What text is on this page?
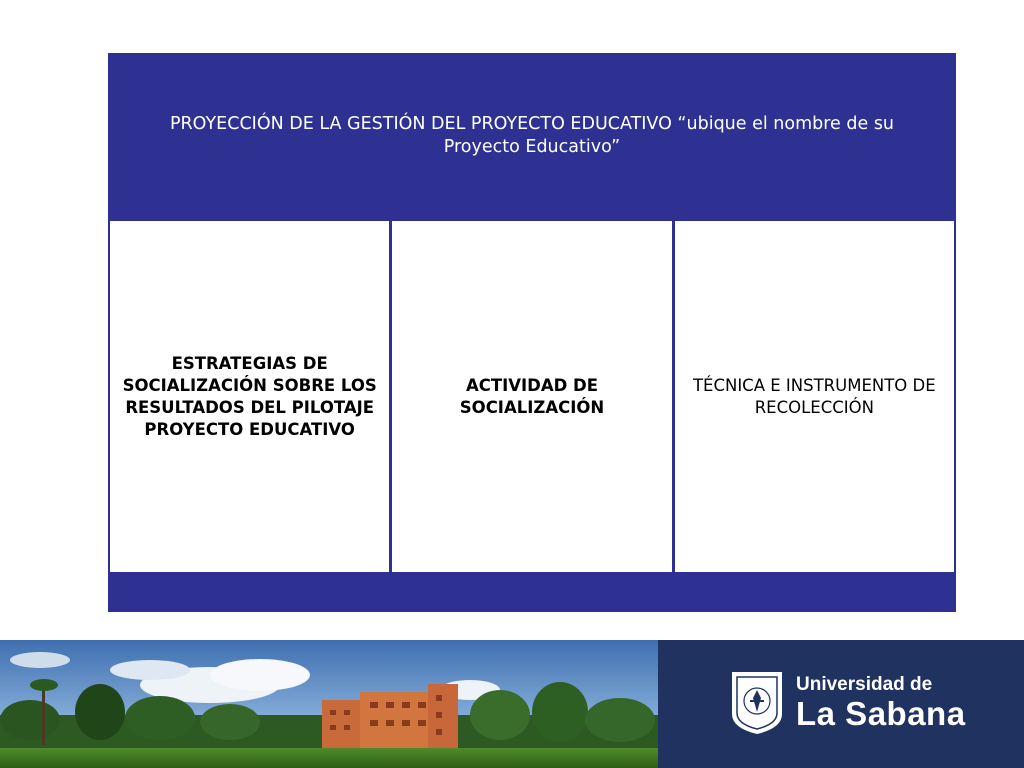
PROYECCIÓN DE LA GESTIÓN DEL PROYECTO EDUCATIVO “ubique el nombre de su Proyecto Educativo”
ESTRATEGIAS DE SOCIALIZACIÓN SOBRE LOS RESULTADOS DEL PILOTAJE PROYECTO EDUCATIVO
ACTIVIDAD DE SOCIALIZACIÓN
TÉCNICA E INSTRUMENTO DE RECOLECCIÓN
Universidad de
La Sabana
